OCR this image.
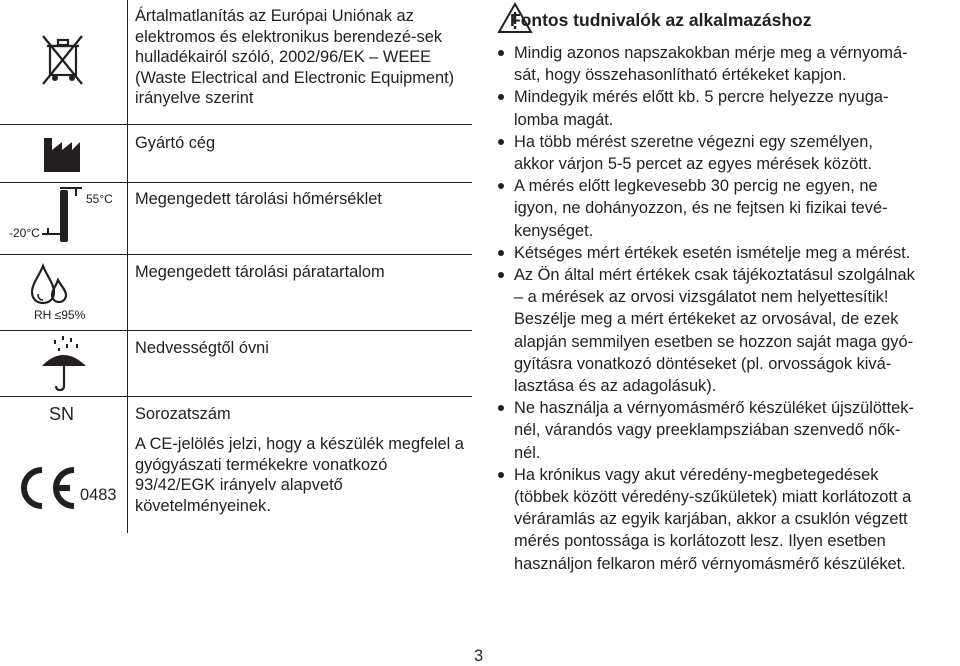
Ártalmatlanítás az Európai Uniónak az elektromos és elektronikus berendezé-sek hulladékairól szóló, 2002/96/EK – WEEE (Waste Electrical and Electronic Equipment) irányelve szerint
Gyártó cég
55°C
-20°C
Megengedett tárolási hőmérséklet
RH ≤95%
Megengedett tárolási páratartalom
Nedvességtől óvni
SN
0483
Sorozatszám
A CE-jelölés jelzi, hogy a készülék megfelel a gyógyászati termékekre vonatkozó 93/42/EGK irányelv alapvető követelményeinek.
Fontos tudnivalók az alkalmazáshoz
Mindig azonos napszakokban mérje meg a vérnyomá-
sát, hogy összehasonlítható értékeket kapjon.
Mindegyik mérés előtt kb. 5 percre helyezze nyuga-
lomba magát.
Ha több mérést szeretne végezni egy személyen,
akkor várjon 5-5 percet az egyes mérések között.
A mérés előtt legkevesebb 30 percig ne egyen, ne
igyon, ne dohányozzon, és ne fejtsen ki fizikai tevé-
kenységet.
Kétséges mért értékek esetén ismételje meg a mérést.
Az Ön által mért értékek csak tájékoztatásul szolgálnak
– a mérések az orvosi vizsgálatot nem helyettesítik!
Beszélje meg a mért értékeket az orvosával, de ezek
alapján semmilyen esetben se hozzon saját maga gyó-
gyításra vonatkozó döntéseket (pl. orvosságok kivá-
lasztása és az adagolásuk).
Ne használja a vérnyomásmérő készüléket újszülöttek-
nél, várandós vagy preeklampsziában szenvedő nők-
nél.
Ha krónikus vagy akut véredény-megbetegedések
(többek között véredény-szűkületek) miatt korlátozott a
véráramlás az egyik karjában, akkor a csuklón végzett
mérés pontossága is korlátozott lesz. Ilyen esetben
használjon felkaron mérő vérnyomásmérő készüléket.
3
